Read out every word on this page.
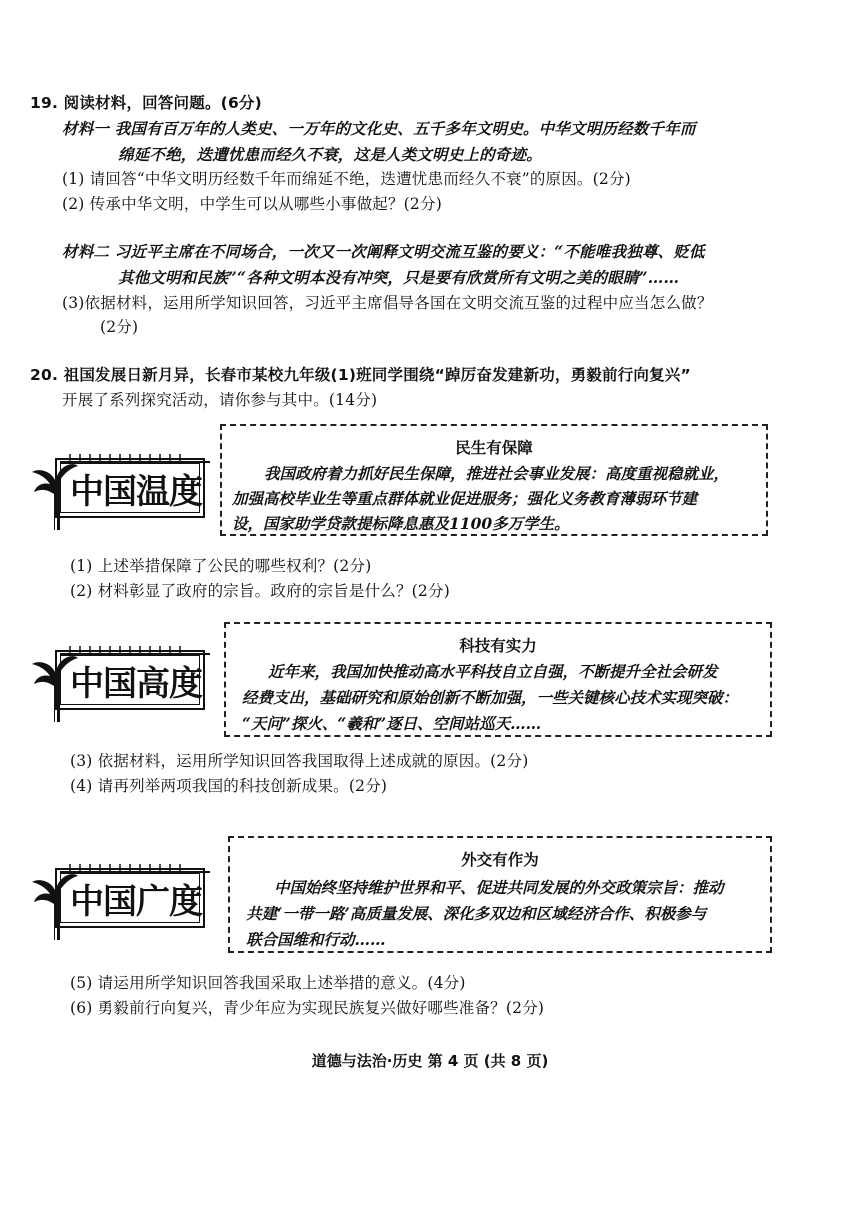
19. 阅读材料，回答问题。(6分)
材料一 我国有百万年的人类史、一万年的文化史、五千多年文明史。中华文明历经数千年而
绵延不绝，迭遭忧患而经久不衰，这是人类文明史上的奇迹。
(1) 请回答“中华文明历经数千年而绵延不绝，迭遭忧患而经久不衰”的原因。(2分)
(2) 传承中华文明，中学生可以从哪些小事做起？(2分)
材料二 习近平主席在不同场合，一次又一次阐释文明交流互鉴的要义：“不能唯我独尊、贬低
其他文明和民族”“各种文明本没有冲突，只是要有欣赏所有文明之美的眼睛”……
(3)依据材料，运用所学知识回答，习近平主席倡导各国在文明交流互鉴的过程中应当怎么做？
(2分)
20. 祖国发展日新月异，长春市某校九年级(1)班同学围绕“踔厉奋发建新功，勇毅前行向复兴”
开展了系列探究活动，请你参与其中。(14分)
中国温度
民生有保障
我国政府着力抓好民生保障，推进社会事业发展：高度重视稳就业，
加强高校毕业生等重点群体就业促进服务；强化义务教育薄弱环节建
设，国家助学贷款提标降息惠及1100多万学生。
(1) 上述举措保障了公民的哪些权利？(2分)
(2) 材料彰显了政府的宗旨。政府的宗旨是什么？(2分)
中国高度
科技有实力
近年来，我国加快推动高水平科技自立自强，不断提升全社会研发
经费支出，基础研究和原始创新不断加强，一些关键核心技术实现突破：
“天问”探火、“羲和”逐日、空间站巡天……
(3) 依据材料，运用所学知识回答我国取得上述成就的原因。(2分)
(4) 请再列举两项我国的科技创新成果。(2分)
中国广度
外交有作为
中国始终坚持维护世界和平、促进共同发展的外交政策宗旨：推动
共建‘一带一路’高质量发展、深化多双边和区域经济合作、积极参与
联合国维和行动……
(5) 请运用所学知识回答我国采取上述举措的意义。(4分)
(6) 勇毅前行向复兴，青少年应为实现民族复兴做好哪些准备？(2分)
道德与法治·历史 第 4 页 (共 8 页)
